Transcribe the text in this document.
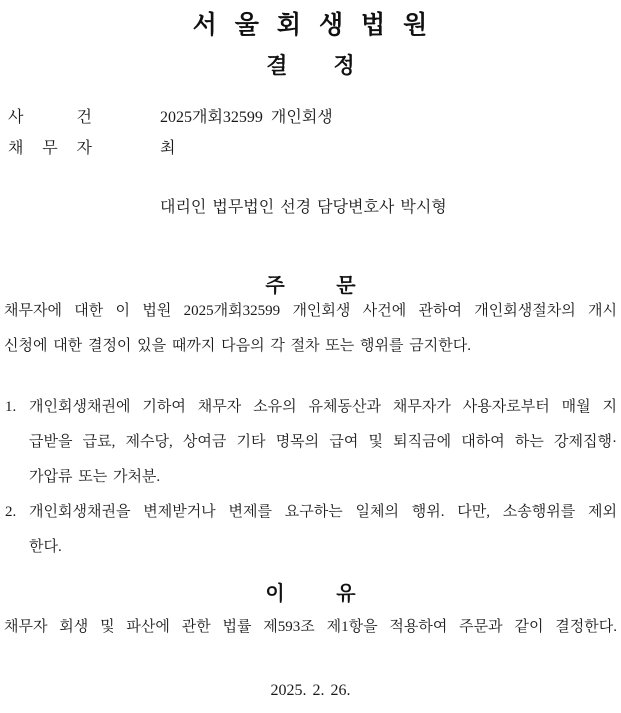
서 울 회 생 법 원
결 정
사 건	2025개회32599  개인회생
채 무 자	최
대리인 법무법인 선경 담당변호사 박시형
주 문
채무자에 대한 이 법원 2025개회32599 개인회생 사건에 관하여 개인회생절차의 개시
신청에 대한 결정이 있을 때까지 다음의 각 절차 또는 행위를 금지한다.
1. 개인회생채권에 기하여 채무자 소유의 유체동산과 채무자가 사용자로부터 매월 지
급받을 급료, 제수당, 상여금 기타 명목의 급여 및 퇴직금에 대하여 하는 강제집행·
가압류 또는 가처분.
2. 개인회생채권을 변제받거나 변제를 요구하는 일체의 행위. 다만, 소송행위를 제외
한다.
이 유
채무자 회생 및 파산에 관한 법률 제593조 제1항을 적용하여 주문과 같이 결정한다.
2025. 2. 26.
